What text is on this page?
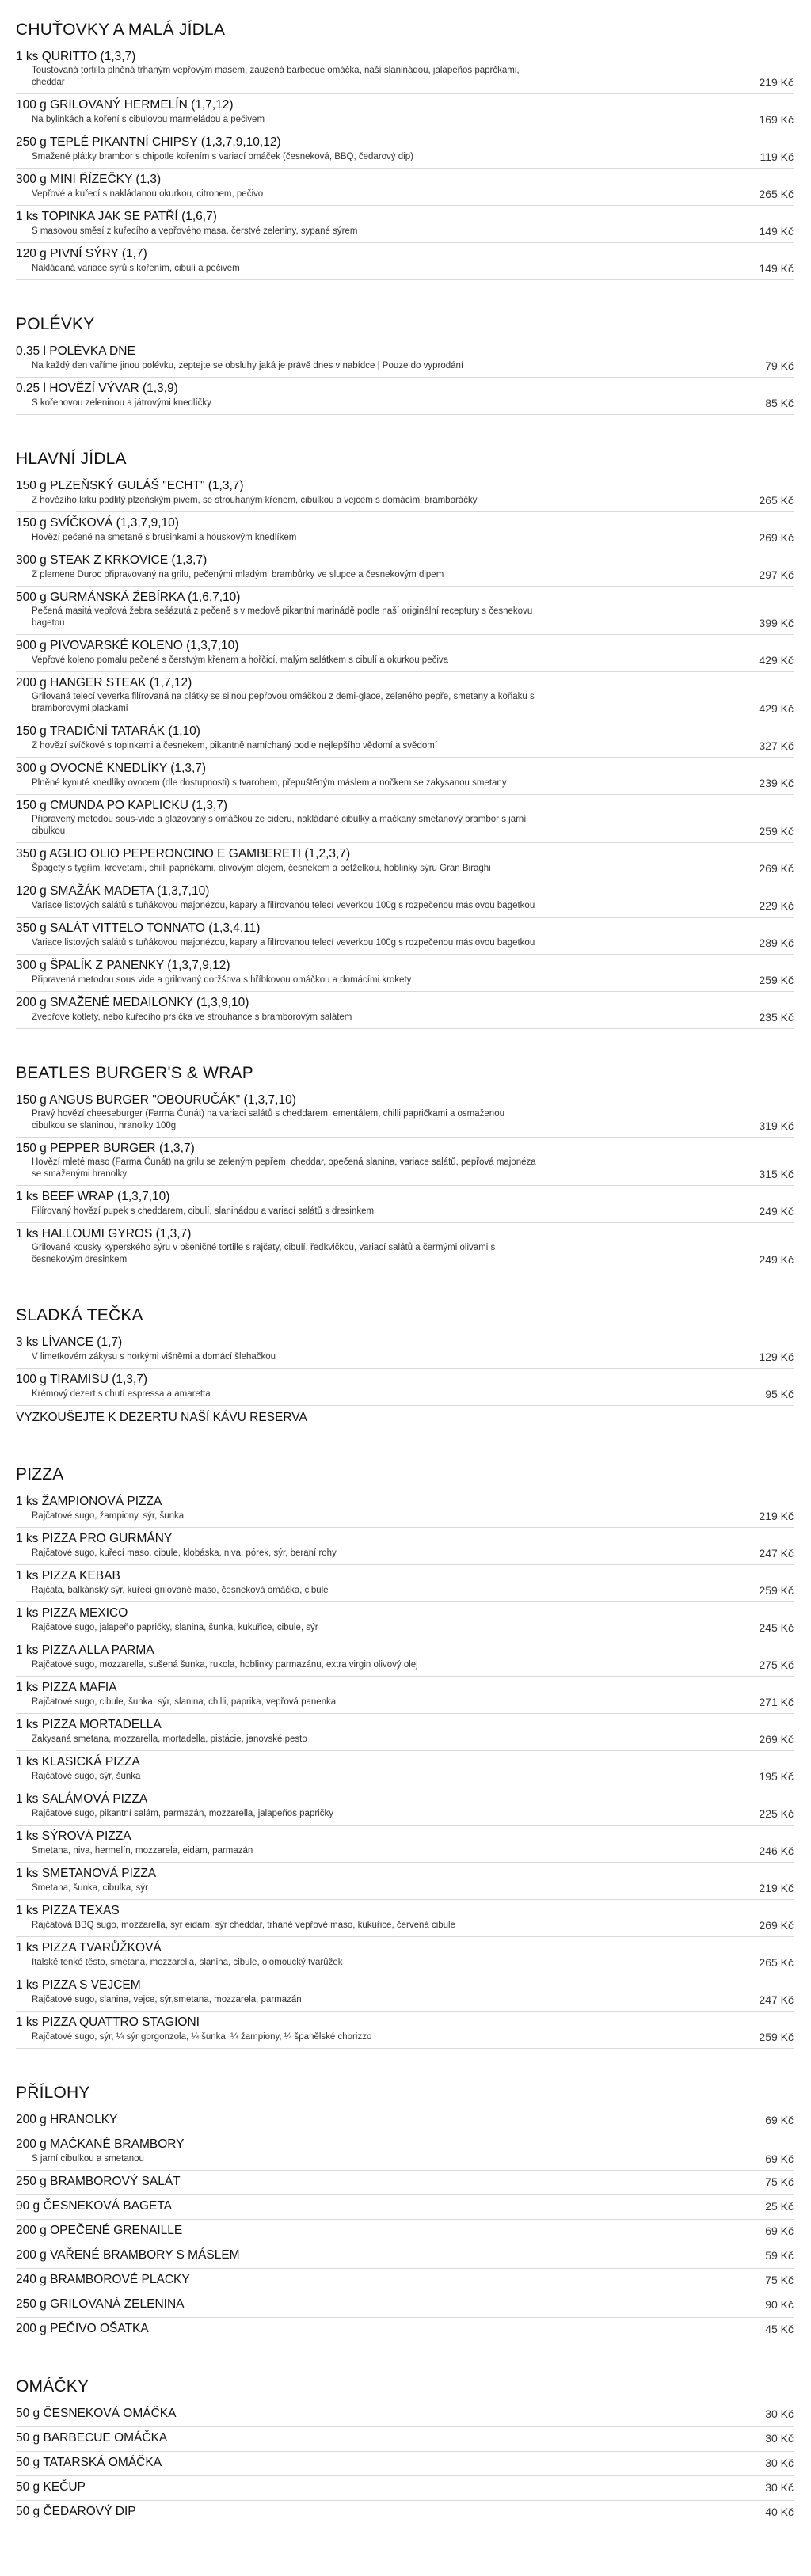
CHUŤOVKY A MALÁ JÍDLA
1 ks QURITTO (1,3,7)
Toustovaná tortilla plněná trhaným vepřovým masem, zauzená barbecue omáčka, naší slaninádou, jalapeños paprčkami, cheddar	219 Kč
100 g GRILOVANÝ HERMELÍN (1,7,12)
Na bylinkách a koření s cibulovou marmeládou a pečivem	169 Kč
250 g TEPLÉ PIKANTNÍ CHIPSY (1,3,7,9,10,12)
Smažené plátky brambor s chipotle kořením s variací omáček (česneková, BBQ, čedarový dip)	119 Kč
300 g MINI ŘÍZEČKY (1,3)
Vepřové a kuřecí s nakládanou okurkou, citronem, pečivo	265 Kč
1 ks TOPINKA JAK SE PATŘÍ (1,6,7)
S masovou směsí z kuřecího a vepřového masa, čerstvé zeleniny, sypané sýrem	149 Kč
120 g PIVNÍ SÝRY (1,7)
Nakládaná variace sýrů s kořením, cibulí a pečivem	149 Kč
POLÉVKY
0.35 l POLÉVKA DNE
Na každý den vaříme jinou polévku, zeptejte se obsluhy jaká je právě dnes v nabídce | Pouze do vyprodání	79 Kč
0.25 l HOVĚZÍ VÝVAR (1,3,9)
S kořenovou zeleninou a játrovými knedlíčky	85 Kč
HLAVNÍ JÍDLA
150 g PLZEŇSKÝ GULÁŠ "ECHT" (1,3,7)
Z hovězího krku podlitý plzeňským pivem, se strouhaným křenem, cibulkou a vejcem s domácími bramboráčky	265 Kč
150 g SVÍČKOVÁ (1,3,7,9,10)
Hovězí pečeně na smetaně s brusinkami a houskovým knedlíkem	269 Kč
300 g STEAK Z KRKOVICE (1,3,7)
Z plemene Duroc připravovaný na grilu, pečenými mladými brambůrky ve slupce a česnekovým dipem	297 Kč
500 g GURMÁNSKÁ ŽEBÍRKA (1,6,7,10)
Pečená masitá vepřová žebra sešázutá z pečeně s v medově pikantní marinádě podle naší originální receptury s česnekovu bagetou	399 Kč
900 g PIVOVARSKÉ KOLENO (1,3,7,10)
Vepřové koleno pomalu pečené s čerstvým křenem a hořčicí, malým salátkem s cibulí a okurkou pečiva	429 Kč
200 g HANGER STEAK (1,7,12)
Grilovaná telecí veverka filírovaná na plátky se silnou pepřovou omáčkou z demi-glace, zeleného pepře, smetany a koňaku s bramborovými plackami	429 Kč
150 g TRADIČNÍ TATARÁK (1,10)
Z hovězí svíčkové s topinkami a česnekem, pikantně namíchaný podle nejlepšího vědomí a svědomí	327 Kč
300 g OVOCNÉ KNEDLÍKY (1,3,7)
Plněné kynuté knedlíky ovocem (dle dostupnosti) s tvarohem, přepuštěným máslem a nočkem se zakysanou smetany	239 Kč
150 g CMUNDA PO KAPLICKU (1,3,7)
Připravený metodou sous-vide a glazovaný s omáčkou ze cideru, nakládané cibulky a mačkaný smetanový brambor s jarní cibulkou	259 Kč
350 g AGLIO OLIO PEPERONCINO E GAMBERETI (1,2,3,7)
Špagety s tygřími krevetami, chilli papričkami, olivovým olejem, česnekem a petželkou, hoblinky sýru Gran Biraghi	269 Kč
120 g SMAŽÁK MADETA (1,3,7,10)
Variace listových salátů s tuňákovou majonézou, kapary a filírovanou telecí veverkou 100g s rozpečenou máslovou bagetkou	229 Kč
350 g SALÁT VITTELO TONNATO (1,3,4,11)
Variace listových salátů s tuňákovou majonézou, kapary a filírovanou telecí veverkou 100g s rozpečenou máslovou bagetkou	289 Kč
300 g ŠPALÍK Z PANENKY (1,3,7,9,12)
Připravená metodou sous vide a grilovaný doržšova s hříbkovou omáčkou a domácími krokety	259 Kč
200 g SMAŽENÉ MEDAILONKY (1,3,9,10)
Zvepřové kotlety, nebo kuřecího prsíčka ve strouhance s bramborovým salátem	235 Kč
BEATLES BURGER'S & WRAP
150 g ANGUS BURGER "OBOURUČÁK" (1,3,7,10)
Pravý hovězí cheeseburger (Farma Čunát) na variaci salátů s cheddarem, ementálem, chilli papričkami a osmaženou cibulkou se slaninou, hranolky 100g	319 Kč
150 g PEPPER BURGER (1,3,7)
Hovězí mleté maso (Farma Čunát) na grilu se zeleným pepřem, cheddar, opečená slanina, variace salátů, pepřová majonéza se smaženými hranolky	315 Kč
1 ks BEEF WRAP (1,3,7,10)
Filírovaný hovězí pupek s cheddarem, cibulí, slaninádou a variací salátů s dresinkem	249 Kč
1 ks HALLOUMI GYROS (1,3,7)
Grilované kousky kyperského sýru v pšeničné tortille s rajčaty, cibulí, ředkvičkou, variací salátů a čermými olivami s česnekovým dresinkem	249 Kč
SLADKÁ TEČKA
3 ks LÍVANCE (1,7)
V limetkovém zákysu s horkými višněmi a domácí šlehačkou	129 Kč
100 g TIRAMISU (1,3,7)
Krémový dezert s chutí espressa a amaretta	95 Kč
VYZKOUŠEJTE K DEZERTU NAŠÍ KÁVU RESERVA
PIZZA
1 ks ŽAMPIONOVÁ PIZZA
Rajčatové sugo, žampiony, sýr, šunka	219 Kč
1 ks PIZZA PRO GURMÁNY
Rajčatové sugo, kuřecí maso, cibule, klobáska, niva, pórek, sýr, beraní rohy	247 Kč
1 ks PIZZA KEBAB
Rajčata, balkánský sýr, kuřecí grilované maso, česneková omáčka, cibule	259 Kč
1 ks PIZZA MEXICO
Rajčatové sugo, jalapeňo papričky, slanina, šunka, kukuřice, cibule, sýr	245 Kč
1 ks PIZZA ALLA PARMA
Rajčatové sugo, mozzarella, sušená šunka, rukola, hoblinky parmazánu, extra virgin olivový olej	275 Kč
1 ks PIZZA MAFIA
Rajčatové sugo, cibule, šunka, sýr, slanina, chilli, paprika, vepřová panenka	271 Kč
1 ks PIZZA MORTADELLA
Zakysaná smetana, mozzarella, mortadella, pistácie, janovské pesto	269 Kč
1 ks KLASICKÁ PIZZA
Rajčatové sugo, sýr, šunka	195 Kč
1 ks SALÁMOVÁ PIZZA
Rajčatové sugo, pikantní salám, parmazán, mozzarella, jalapeños papričky	225 Kč
1 ks SÝROVÁ PIZZA
Smetana, niva, hermelín, mozzarela, eidam, parmazán	246 Kč
1 ks SMETANOVÁ PIZZA
Smetana, šunka, cibulka, sýr	219 Kč
1 ks PIZZA TEXAS
Rajčatová BBQ sugo, mozzarella, sýr eidam, sýr cheddar, trhané vepřové maso, kukuřice, červená cibule	269 Kč
1 ks PIZZA TVARŮŽKOVÁ
Italské tenké těsto, smetana, mozzarella, slanina, cibule, olomoucký tvarůžek	265 Kč
1 ks PIZZA S VEJCEM
Rajčatové sugo, slanina, vejce, sýr,smetana, mozzarela, parmazán	247 Kč
1 ks PIZZA QUATTRO STAGIONI
Rajčatové sugo, sýr, ¼ sýr gorgonzola, ¼ šunka, ¼ žampiony, ¼ španělské chorizzo	259 Kč
PŘÍLOHY
200 g HRANOLKY	69 Kč
200 g MAČKANÉ BRAMBORY
S jarní cibulkou a smetanou	69 Kč
250 g BRAMBOROVÝ SALÁT	75 Kč
90 g ČESNEKOVÁ BAGETA	25 Kč
200 g OPEČENÉ GRENAILLE	69 Kč
200 g VAŘENÉ BRAMBORY S MÁSLEM	59 Kč
240 g BRAMBOROVÉ PLACKY	75 Kč
250 g GRILOVANÁ ZELENINA	90 Kč
200 g PEČIVO OŠATKA	45 Kč
OMÁČKY
50 g ČESNEKOVÁ OMÁČKA	30 Kč
50 g BARBECUE OMÁČKA	30 Kč
50 g TATARSKÁ OMÁČKA	30 Kč
50 g KEČUP	30 Kč
50 g ČEDAROVÝ DIP	40 Kč
